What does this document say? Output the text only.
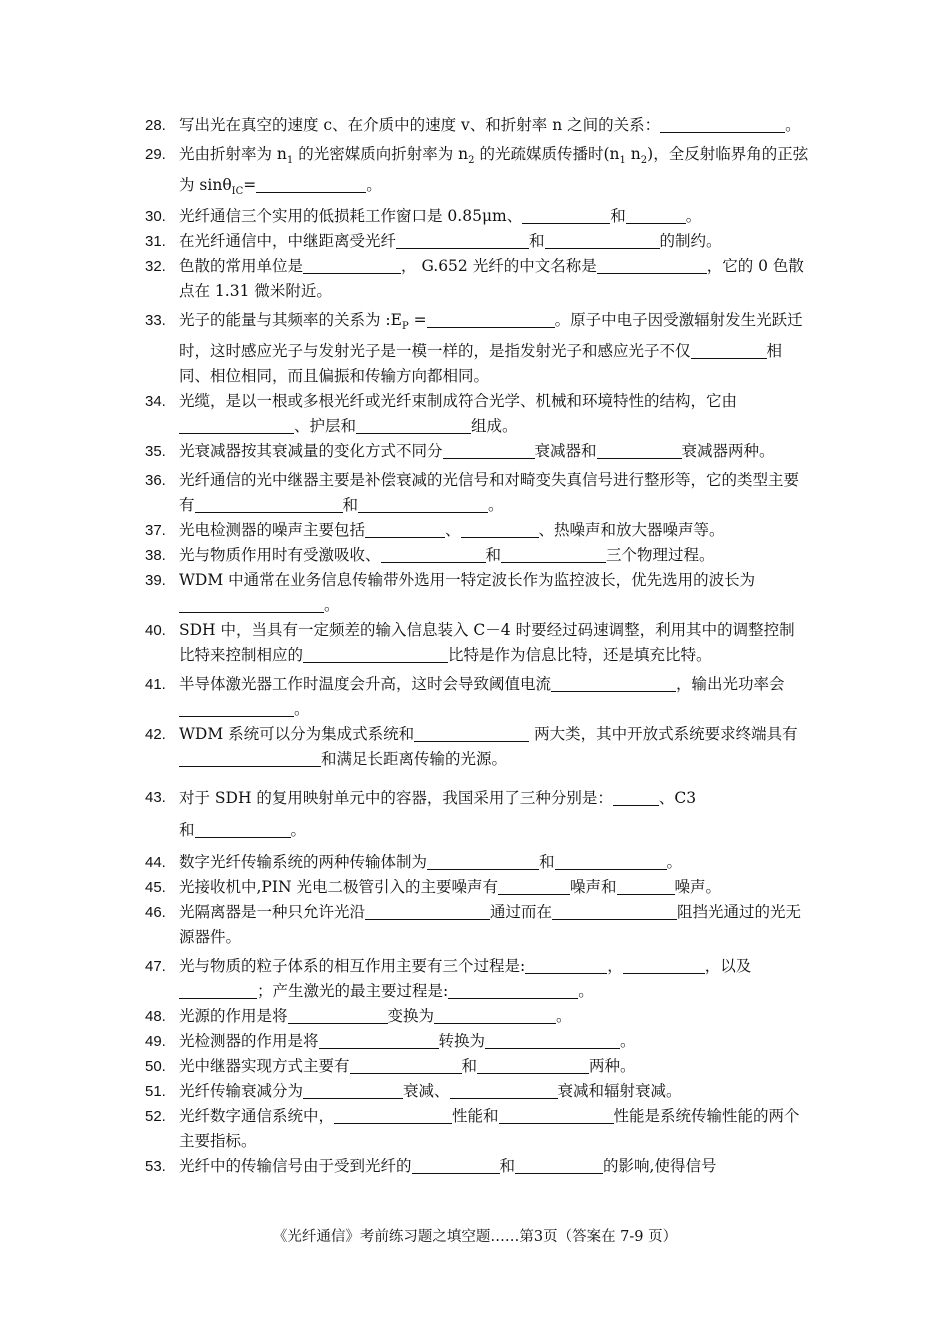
28. 写出光在真空的速度 c、在介质中的速度 v、和折射率 n 之间的关系：	。

29. 光由折射率为 $n_1$ 的光密媒质向折射率为 $n_2$ 的光疏媒质传播时($n_1$ $n_2$)，全反射临界角的正弦为 sinθ$_{IC}$=	。

30. 光纤通信三个实用的低损耗工作窗口是 0.85μm、	和	。

31. 在光纤通信中，中继距离受光纤	和	的制约。

32. 色散的常用单位是	， G.652 光纤的中文名称是	，它的 0 色散点在 1.31 微米附近。

33. 光子的能量与其频率的关系为 $:E_P$ =	。原子中电子因受激辐射发生光跃迁时，这时感应光子与发射光子是一模一样的，是指发射光子和感应光子不仅	相同、相位相同，而且偏振和传输方向都相同。

34. 光缆，是以一根或多根光纤或光纤束制成符合光学、机械和环境特性的结构，它由、护层和	组成。

35. 光衰减器按其衰减量的变化方式不同分	衰减器和	衰减器两种。

36. 光纤通信的光中继器主要是补偿衰减的光信号和对畸变失真信号进行整形等，它的类型主要有	和	。

37. 光电检测器的噪声主要包括	、	、热噪声和放大器噪声等。

38. 光与物质作用时有受激吸收、	和	三个物理过程。

39. WDM 中通常在业务信息传输带外选用一特定波长作为监控波长，优先选用的波长为。

40. SDH 中，当具有一定频差的输入信息装入 C－4 时要经过码速调整，利用其中的调整控制比特来控制相应的	比特是作为信息比特，还是填充比特。

41. 半导体激光器工作时温度会升高，这时会导致阈值电流	，输出光功率会。

42. WDM 系统可以分为集成式系统和	两大类，其中开放式系统要求终端具有和满足长距离传输的光源。

43. 对于 SDH 的复用映射单元中的容器，我国采用了三种分别是：	、C3
和	。

44. 数字光纤传输系统的两种传输体制为	和	。

45. 光接收机中,PIN 光电二极管引入的主要噪声有	噪声和	噪声。

46. 光隔离器是一种只允许光沿	通过而在	阻挡光通过的光无源器件。

47. 光与物质的粒子体系的相互作用主要有三个过程是:	，	，以及；产生激光的最主要过程是:	。

48. 光源的作用是将	变换为	。

49. 光检测器的作用是将	转换为	。

50. 光中继器实现方式主要有	和	两种。

51. 光纤传输衰减分为	衰减、	衰减和辐射衰减。

52. 光纤数字通信系统中，	性能和	性能是系统传输性能的两个主要指标。

53. 光纤中的传输信号由于受到光纤的	和	的影响,使得信号

《光纤通信》考前练习题之填空题……第3页（答案在 7-9 页）
